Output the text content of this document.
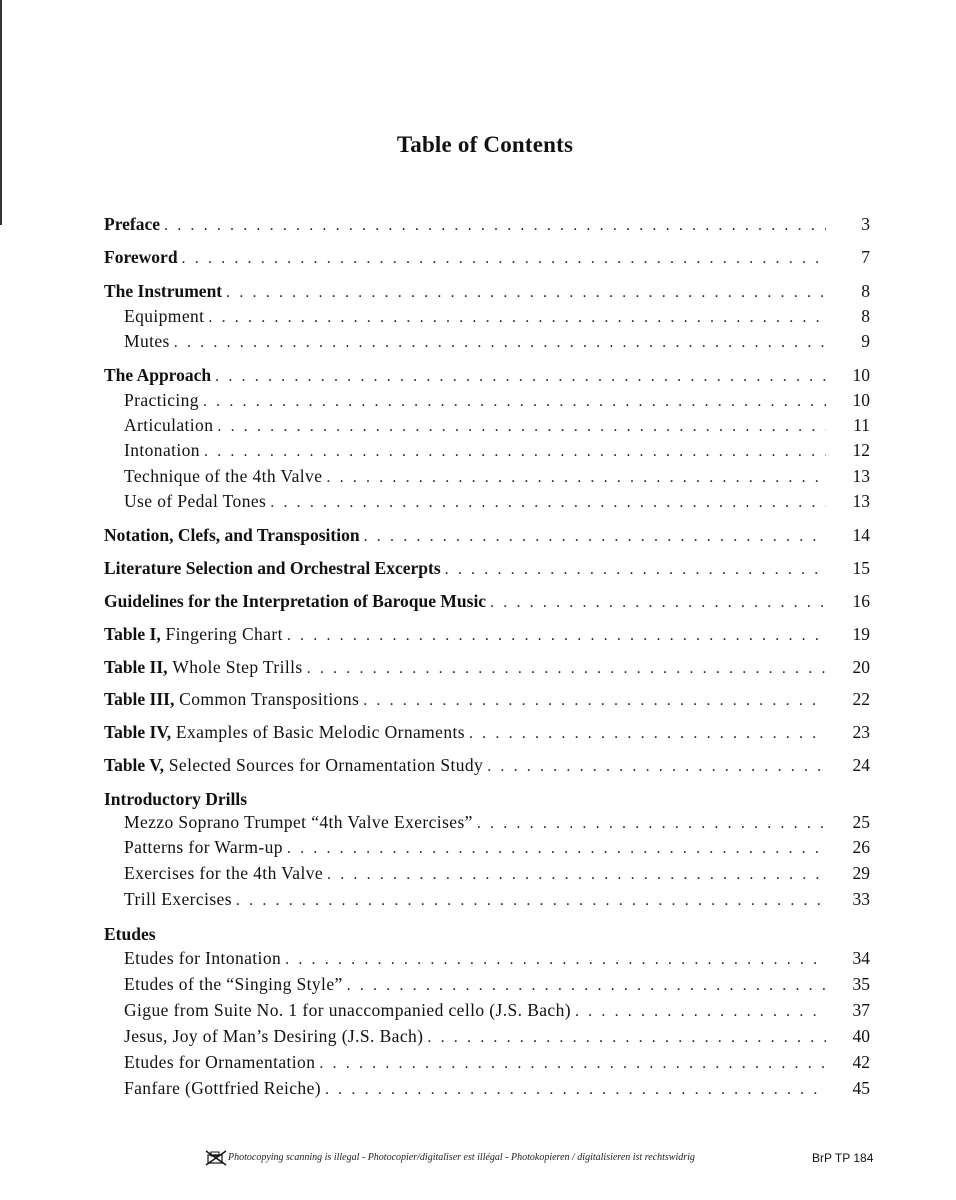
Table of Contents
Preface . . .	3
Foreword . . .	7
The Instrument . . .	8
Equipment . . .	8
Mutes . . .	9
The Approach . . .	10
Practicing . . .	10
Articulation . . .	11
Intonation . . .	12
Technique of the 4th Valve . . .	13
Use of Pedal Tones . . .	13
Notation, Clefs, and Transposition . . .	14
Literature Selection and Orchestral Excerpts . . .	15
Guidelines for the Interpretation of Baroque Music . . .	16
Table I, Fingering Chart . . .	19
Table II, Whole Step Trills . . .	20
Table III, Common Transpositions . . .	22
Table IV, Examples of Basic Melodic Ornaments . . .	23
Table V, Selected Sources for Ornamentation Study . . .	24
Introductory Drills
Mezzo Soprano Trumpet “4th Valve Exercises” . . .	25
Patterns for Warm-up . . .	26
Exercises for the 4th Valve . . .	29
Trill Exercises . . .	33
Etudes
Etudes for Intonation . . .	34
Etudes of the “Singing Style” . . .	35
Gigue from Suite No. 1 for unaccompanied cello (J.S. Bach) . . .	37
Jesus, Joy of Man’s Desiring (J.S. Bach) . . .	40
Etudes for Ornamentation . . .	42
Fanfare (Gottfried Reiche) . . .	45
Photocopying scanning is illegal - Photocopier/digitaliser est illégal - Photokopieren / digitalisieren ist rechtswidrig	BrP TP 184
